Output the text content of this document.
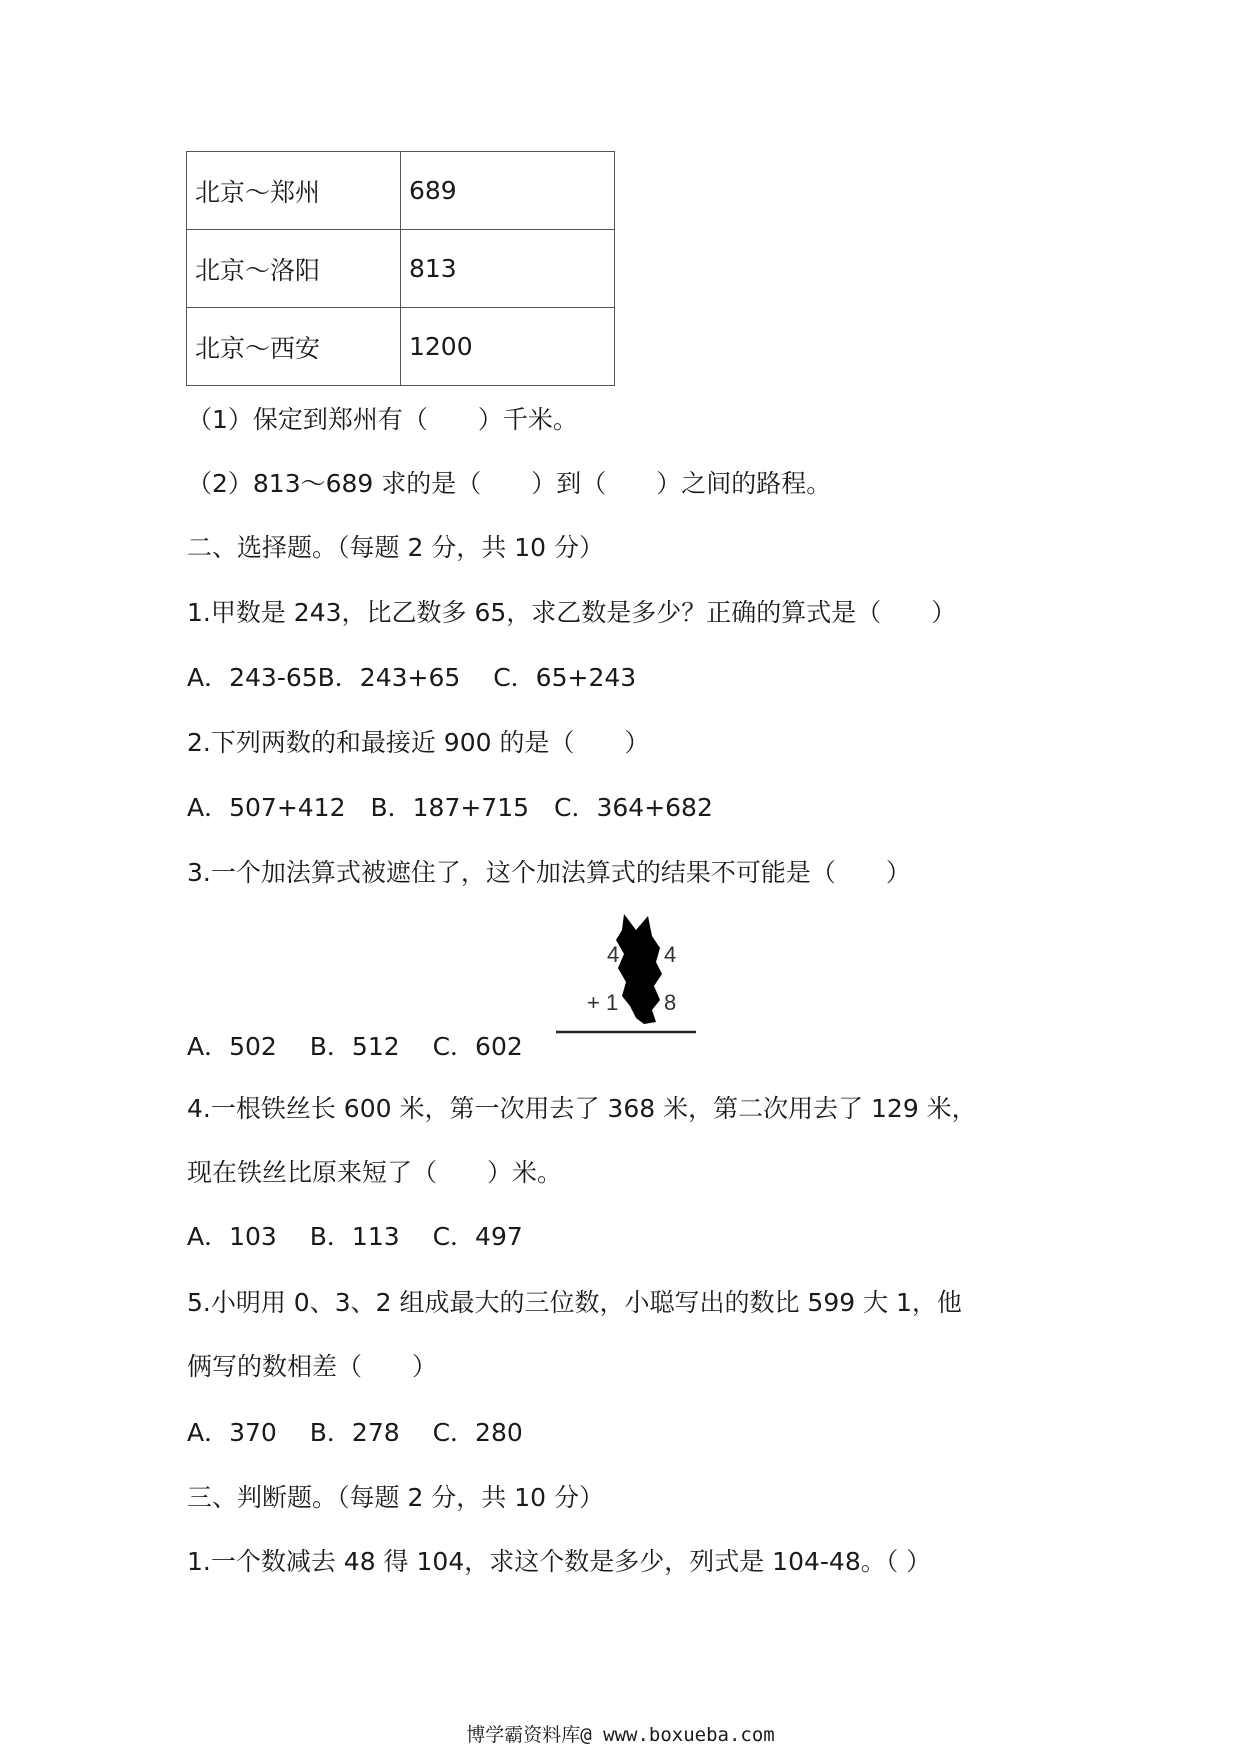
北京～郑州	689
北京～洛阳	813
北京～西安	1200
（1）保定到郑州有（　　）千米。
（2）813～689 求的是（　　）到（　　）之间的路程。
二、选择题。（每题 2 分，共 10 分）
1.甲数是 243，比乙数多 65，求乙数是多少？正确的算式是（　　）
A．243-65B．243+65　 C．65+243
2.下列两数的和最接近 900 的是（　　）
A．507+412　B．187+715　C．364+682
3.一个加法算式被遮住了，这个加法算式的结果不可能是（　　）
4 4
+ 1 8
A．502　 B．512　 C．602
4.一根铁丝长 600 米，第一次用去了 368 米，第二次用去了 129 米，
现在铁丝比原来短了（　　）米。
A．103　 B．113　 C．497
5.小明用 0、3、2 组成最大的三位数，小聪写出的数比 599 大 1，他
俩写的数相差（　　）
A．370　 B．278　 C．280
三、判断题。（每题 2 分，共 10 分）
1.一个数减去 48 得 104，求这个数是多少，列式是 104-48。（ ）
博学霸资料库@ www.boxueba.com
